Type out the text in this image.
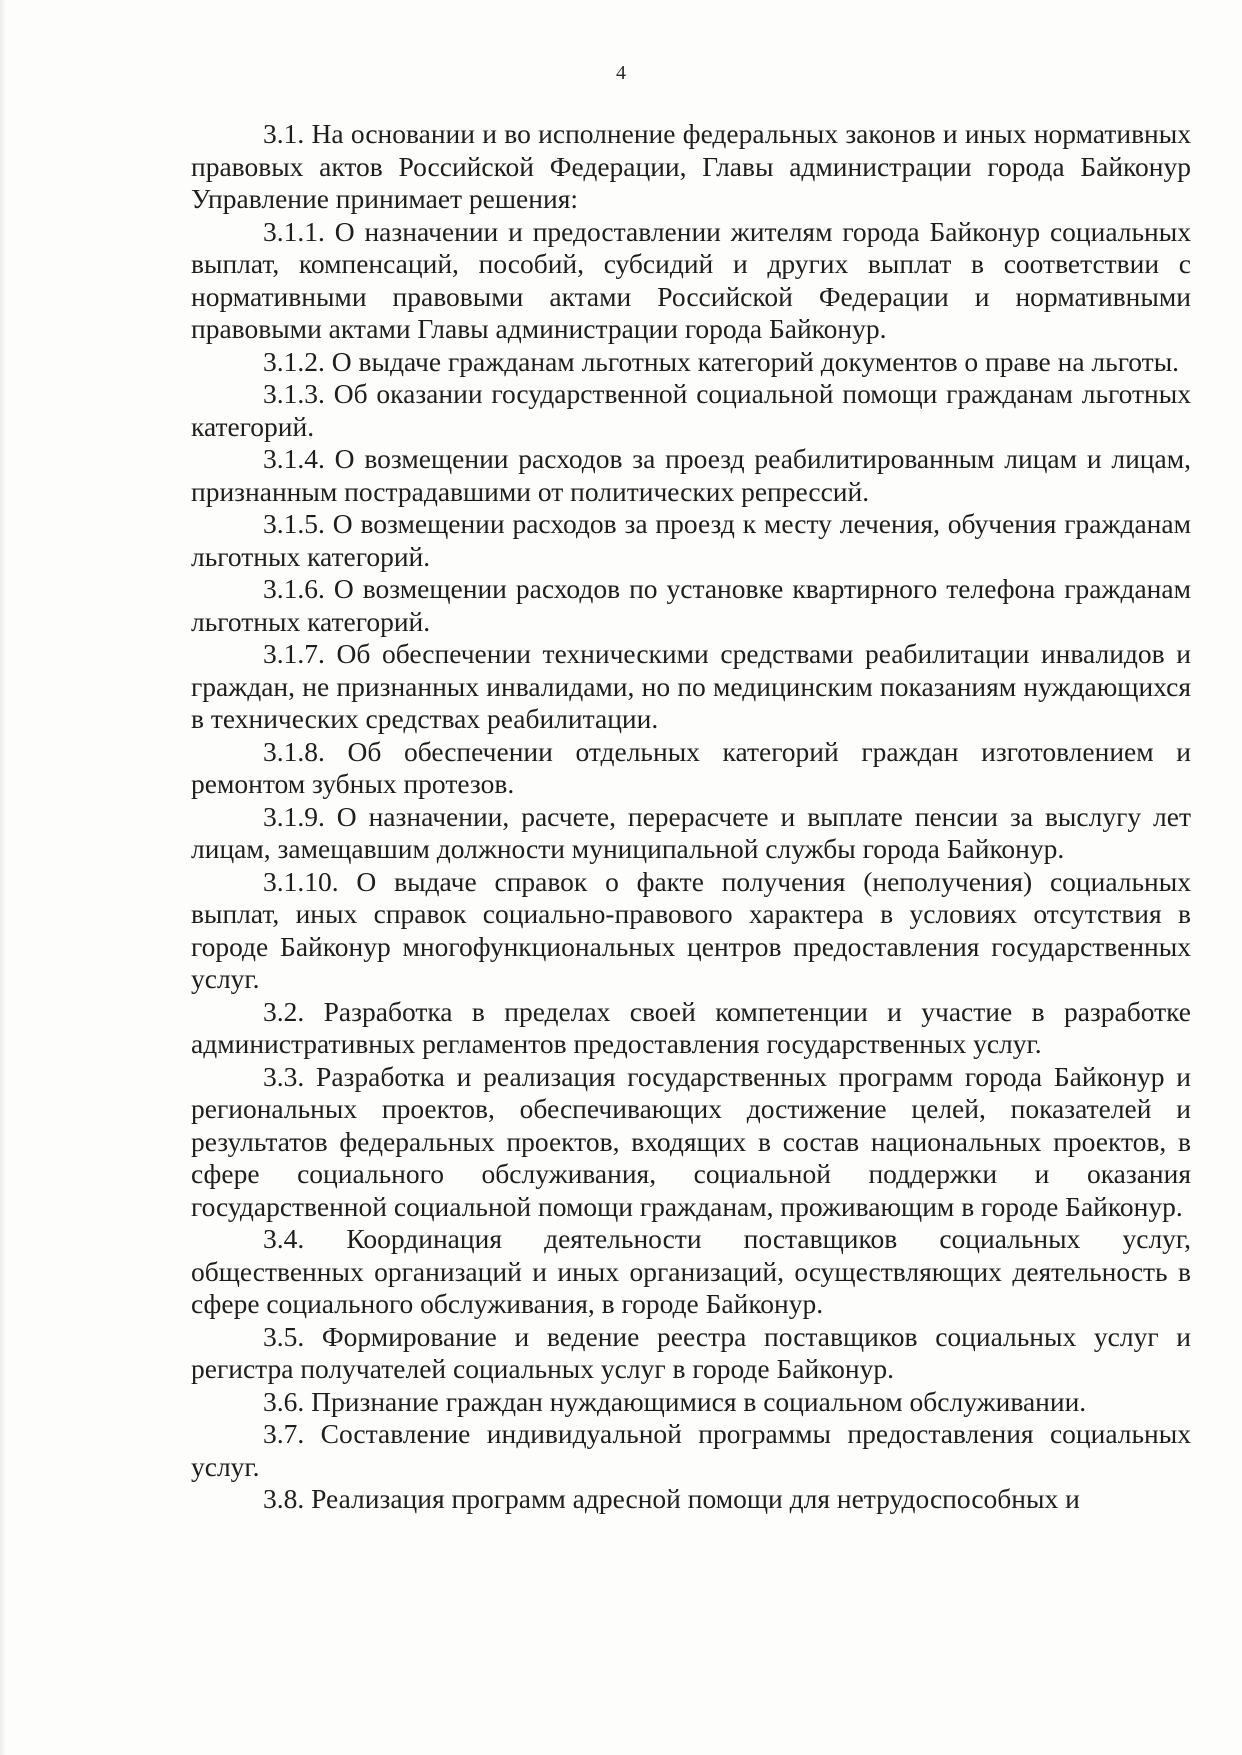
4

3.1. На основании и во исполнение федеральных законов и иных нормативных правовых актов Российской Федерации, Главы администрации города Байконур Управление принимает решения:

3.1.1. О назначении и предоставлении жителям города Байконур социальных выплат, компенсаций, пособий, субсидий и других выплат в соответствии с нормативными правовыми актами Российской Федерации и нормативными правовыми актами Главы администрации города Байконур.

3.1.2. О выдаче гражданам льготных категорий документов о праве на льготы.

3.1.3. Об оказании государственной социальной помощи гражданам льготных категорий.

3.1.4. О возмещении расходов за проезд реабилитированным лицам и лицам, признанным пострадавшими от политических репрессий.

3.1.5. О возмещении расходов за проезд к месту лечения, обучения гражданам льготных категорий.

3.1.6. О возмещении расходов по установке квартирного телефона гражданам льготных категорий.

3.1.7. Об обеспечении техническими средствами реабилитации инвалидов и граждан, не признанных инвалидами, но по медицинским показаниям нуждающихся в технических средствах реабилитации.

3.1.8. Об обеспечении отдельных категорий граждан изготовлением и ремонтом зубных протезов.

3.1.9. О назначении, расчете, перерасчете и выплате пенсии за выслугу лет лицам, замещавшим должности муниципальной службы города Байконур.

3.1.10. О выдаче справок о факте получения (неполучения) социальных выплат, иных справок социально-правового характера в условиях отсутствия в городе Байконур многофункциональных центров предоставления государственных услуг.

3.2. Разработка в пределах своей компетенции и участие в разработке административных регламентов предоставления государственных услуг.

3.3. Разработка и реализация государственных программ города Байконур и региональных проектов, обеспечивающих достижение целей, показателей и результатов федеральных проектов, входящих в состав национальных проектов, в сфере социального обслуживания, социальной поддержки и оказания государственной социальной помощи гражданам, проживающим в городе Байконур.

3.4. Координация деятельности поставщиков социальных услуг, общественных организаций и иных организаций, осуществляющих деятельность в сфере социального обслуживания, в городе Байконур.

3.5. Формирование и ведение реестра поставщиков социальных услуг и регистра получателей социальных услуг в городе Байконур.

3.6. Признание граждан нуждающимися в социальном обслуживании.

3.7. Составление индивидуальной программы предоставления социальных услуг.

3.8. Реализация программ адресной помощи для нетрудоспособных и
